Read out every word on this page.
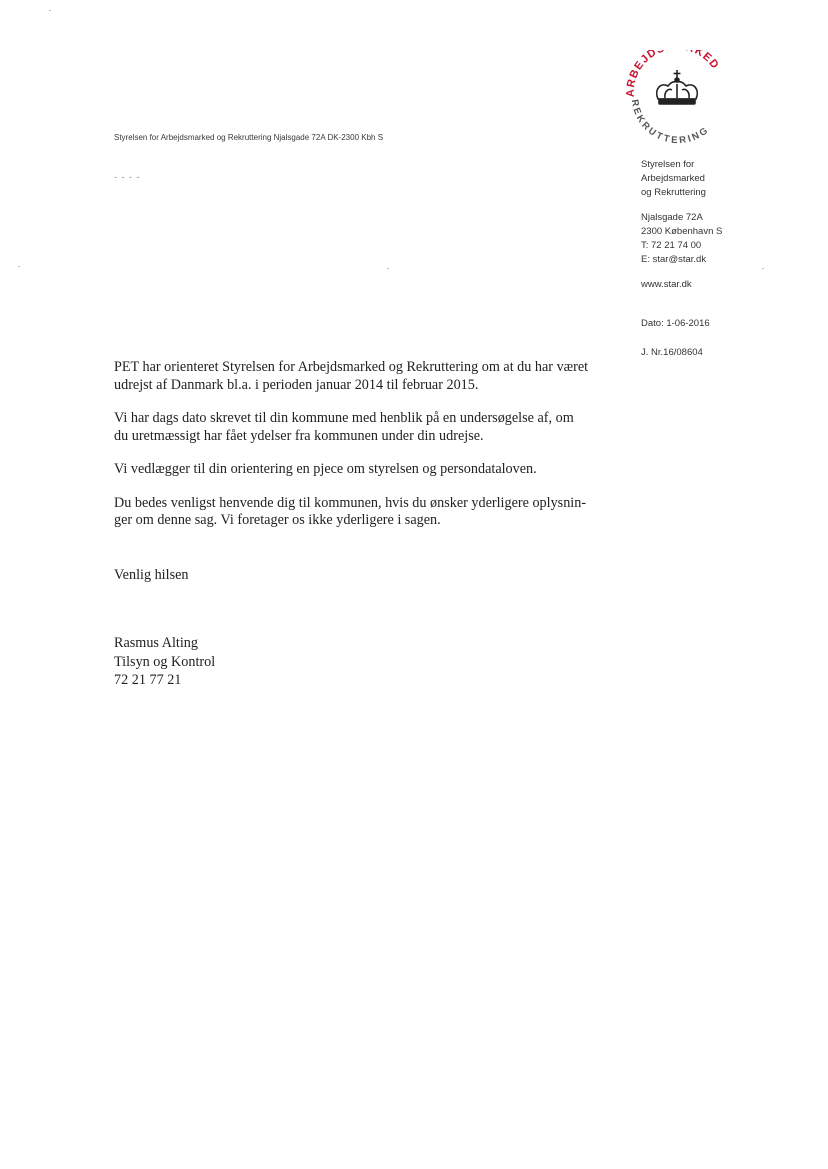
ARBEJD KED
REKRUTTERING
Styrelsen for Arbejdsmarked og Rekruttering Njalsgade 72A DK-2300 Kbh S
- - - -
Styrelsen for
Arbejdsmarked
og Rekruttering
Njalsgade 72A
2300 København S
T: 72 21 74 00
E: star@star.dk
www.star.dk
Dato: 1-06-2016
J. Nr.16/08604

PET har orienteret Styrelsen for Arbejdsmarked og Rekruttering om at du har været
udrejst af Danmark bl.a. i perioden januar 2014 til februar 2015.

Vi har dags dato skrevet til din kommune med henblik på en undersøgelse af, om
du uretmæssigt har fået ydelser fra kommunen under din udrejse.

Vi vedlægger til din orientering en pjece om styrelsen og persondataloven.

Du bedes venligst henvende dig til kommunen, hvis du ønsker yderligere oplysnin-
ger om denne sag. Vi foretager os ikke yderligere i sagen.

Venlig hilsen
Rasmus Alting
Tilsyn og Kontrol
72 21 77 21
